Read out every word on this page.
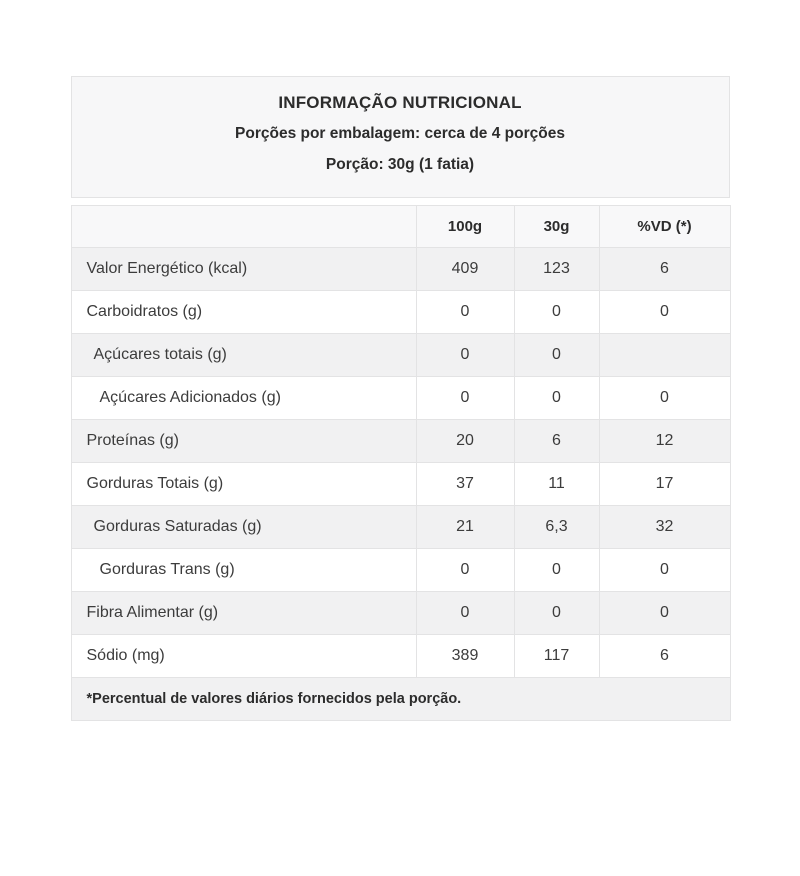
INFORMAÇÃO NUTRICIONAL

Porções por embalagem: cerca de 4 porções

Porção: 30g (1 fatia)

	100g	30g	%VD (*)
Valor Energético (kcal)	409	123	6
Carboidratos (g)	0	0	0
Açúcares totais (g)	0	0	
Açúcares Adicionados (g)	0	0	0
Proteínas (g)	20	6	12
Gorduras Totais (g)	37	11	17
Gorduras Saturadas (g)	21	6,3	32
Gorduras Trans (g)	0	0	0
Fibra Alimentar (g)	0	0	0
Sódio (mg)	389	117	6
*Percentual de valores diários fornecidos pela porção.			
